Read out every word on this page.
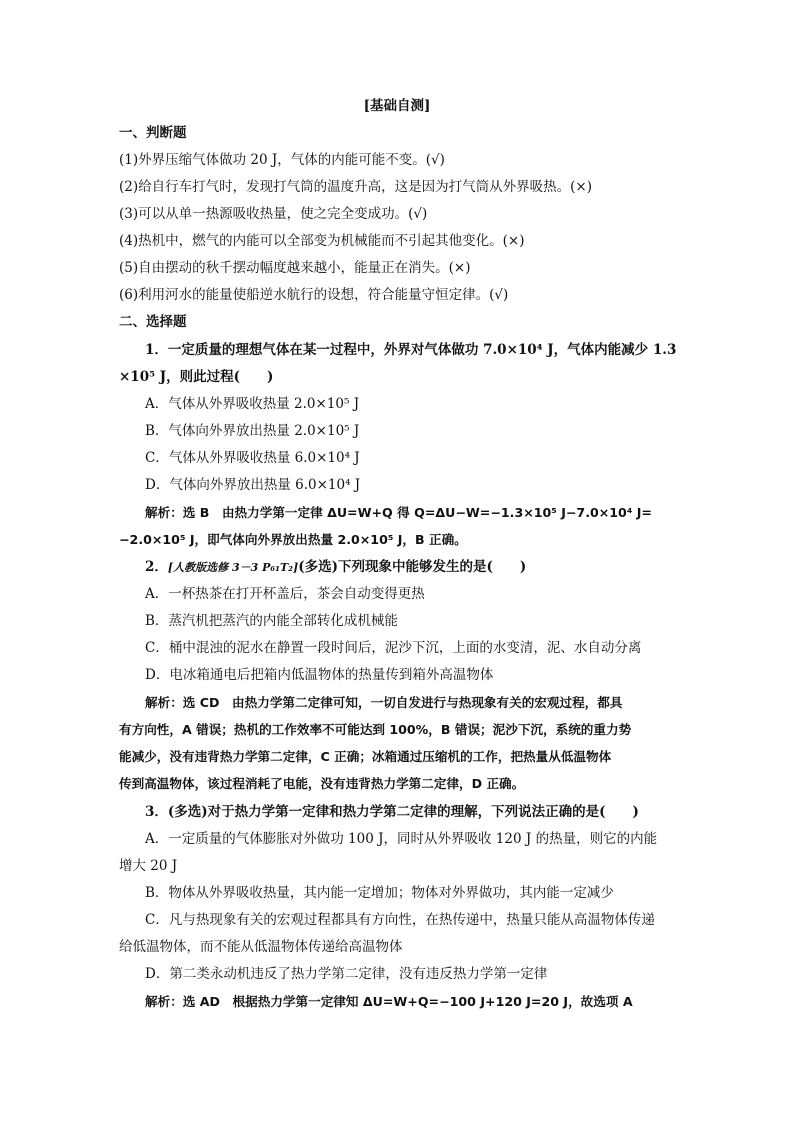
[基础自测]
一、判断题
(1)外界压缩气体做功 20 J，气体的内能可能不变。(√)
(2)给自行车打气时，发现打气筒的温度升高，这是因为打气筒从外界吸热。(×)
(3)可以从单一热源吸收热量，使之完全变成功。(√)
(4)热机中，燃气的内能可以全部变为机械能而不引起其他变化。(×)
(5)自由摆动的秋千摆动幅度越来越小，能量正在消失。(×)
(6)利用河水的能量使船逆水航行的设想，符合能量守恒定律。(√)
二、选择题
1．一定质量的理想气体在某一过程中，外界对气体做功 7.0×10⁴ J，气体内能减少 1.3
×10⁵ J，则此过程(　　)
A．气体从外界吸收热量 2.0×10⁵ J
B．气体向外界放出热量 2.0×10⁵ J
C．气体从外界吸收热量 6.0×10⁴ J
D．气体向外界放出热量 6.0×10⁴ J
解析：选 B　由热力学第一定律 ΔU=W+Q 得 Q=ΔU−W=−1.3×10⁵ J−7.0×10⁴ J=
−2.0×10⁵ J，即气体向外界放出热量 2.0×10⁵ J，B 正确。
2．[人教版选修 3－3 P₆₁T₂](多选)下列现象中能够发生的是(　　)
A．一杯热茶在打开杯盖后，茶会自动变得更热
B．蒸汽机把蒸汽的内能全部转化成机械能
C．桶中混浊的泥水在静置一段时间后，泥沙下沉，上面的水变清，泥、水自动分离
D．电冰箱通电后把箱内低温物体的热量传到箱外高温物体
解析：选 CD　由热力学第二定律可知，一切自发进行与热现象有关的宏观过程，都具
有方向性，A 错误；热机的工作效率不可能达到 100%，B 错误；泥沙下沉，系统的重力势
能减少，没有违背热力学第二定律，C 正确；冰箱通过压缩机的工作，把热量从低温物体
传到高温物体，该过程消耗了电能，没有违背热力学第二定律，D 正确。
3．(多选)对于热力学第一定律和热力学第二定律的理解，下列说法正确的是(　　)
A．一定质量的气体膨胀对外做功 100 J，同时从外界吸收 120 J 的热量，则它的内能
增大 20 J
B．物体从外界吸收热量，其内能一定增加；物体对外界做功，其内能一定减少
C．凡与热现象有关的宏观过程都具有方向性，在热传递中，热量只能从高温物体传递
给低温物体，而不能从低温物体传递给高温物体
D．第二类永动机违反了热力学第二定律，没有违反热力学第一定律
解析：选 AD　根据热力学第一定律知 ΔU=W+Q=−100 J+120 J=20 J，故选项 A
